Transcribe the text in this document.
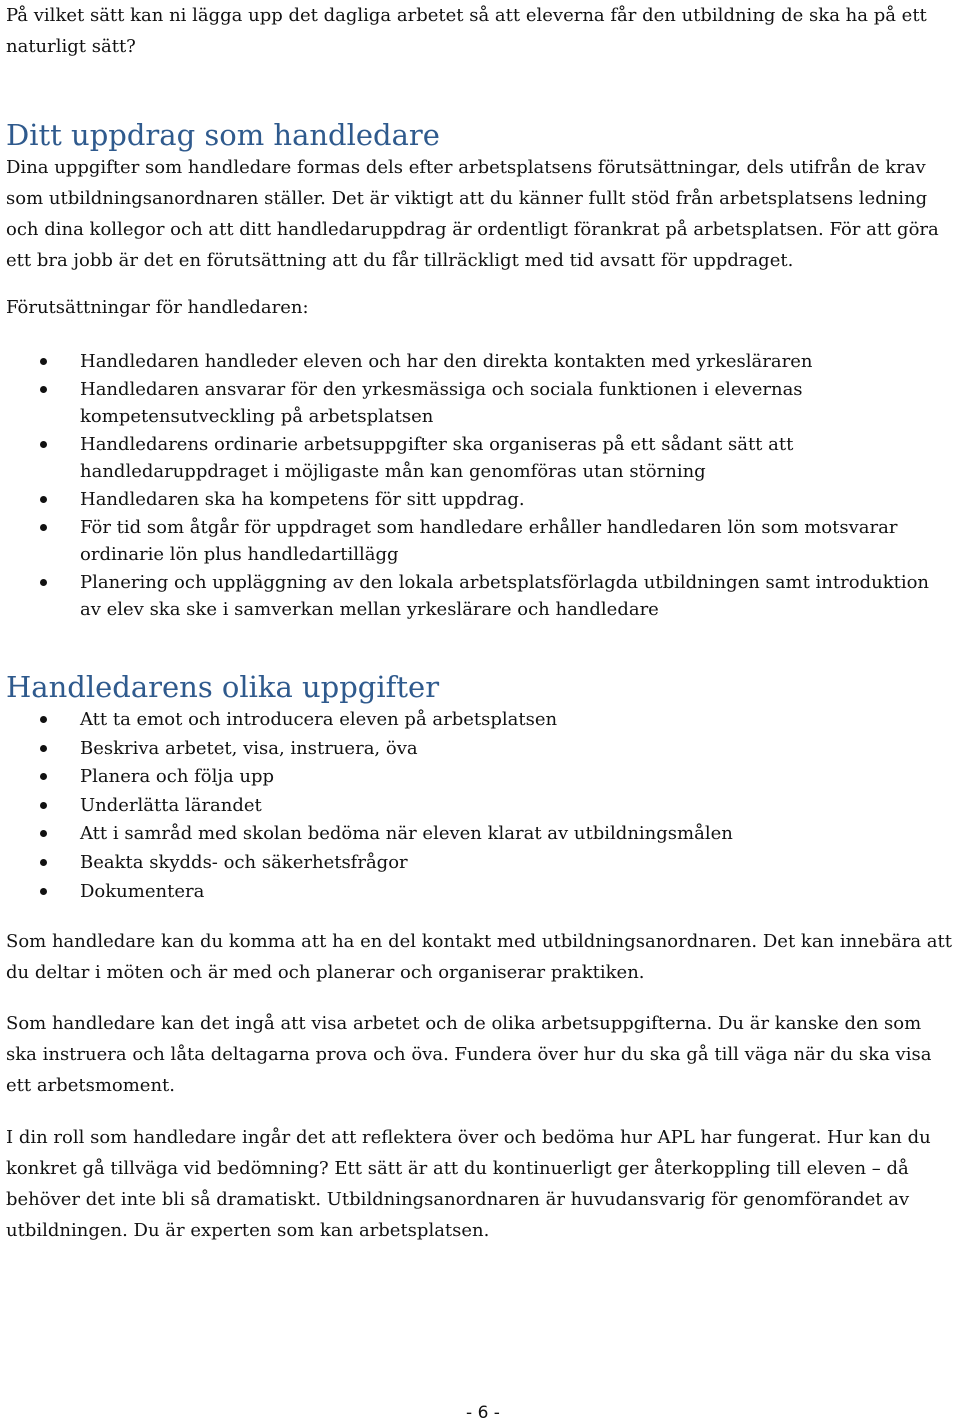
På vilket sätt kan ni lägga upp det dagliga arbetet så att eleverna får den utbildning de ska ha på ett naturligt sätt?

Ditt uppdrag som handledare

Dina uppgifter som handledare formas dels efter arbetsplatsens förutsättningar, dels utifrån de krav som utbildningsanordnaren ställer. Det är viktigt att du känner fullt stöd från arbetsplatsens ledning och dina kollegor och att ditt handledaruppdrag är ordentligt förankrat på arbetsplatsen. För att göra ett bra jobb är det en förutsättning att du får tillräckligt med tid avsatt för uppdraget.

Förutsättningar för handledaren:

Handledaren handleder eleven och har den direkta kontakten med yrkesläraren
Handledaren ansvarar för den yrkesmässiga och sociala funktionen i elevernas kompetensutveckling på arbetsplatsen
Handledarens ordinarie arbetsuppgifter ska organiseras på ett sådant sätt att handledaruppdraget i möjligaste mån kan genomföras utan störning
Handledaren ska ha kompetens för sitt uppdrag.
För tid som åtgår för uppdraget som handledare erhåller handledaren lön som motsvarar ordinarie lön plus handledartillägg
Planering och uppläggning av den lokala arbetsplatsförlagda utbildningen samt introduktion av elev ska ske i samverkan mellan yrkeslärare och handledare
Handledarens olika uppgifter
Att ta emot och introducera eleven på arbetsplatsen
Beskriva arbetet, visa, instruera, öva
Planera och följa upp
Underlätta lärandet
Att i samråd med skolan bedöma när eleven klarat av utbildningsmålen
Beakta skydds- och säkerhetsfrågor
Dokumentera

Som handledare kan du komma att ha en del kontakt med utbildningsanordnaren. Det kan innebära att du deltar i möten och är med och planerar och organiserar praktiken.

Som handledare kan det ingå att visa arbetet och de olika arbetsuppgifterna. Du är kanske den som ska instruera och låta deltagarna prova och öva. Fundera över hur du ska gå till väga när du ska visa ett arbetsmoment.

I din roll som handledare ingår det att reflektera över och bedöma hur APL har fungerat. Hur kan du konkret gå tillväga vid bedömning? Ett sätt är att du kontinuerligt ger återkoppling till eleven – då behöver det inte bli så dramatiskt. Utbildningsanordnaren är huvudansvarig för genomförandet av utbildningen. Du är experten som kan arbetsplatsen.

- 6 -
